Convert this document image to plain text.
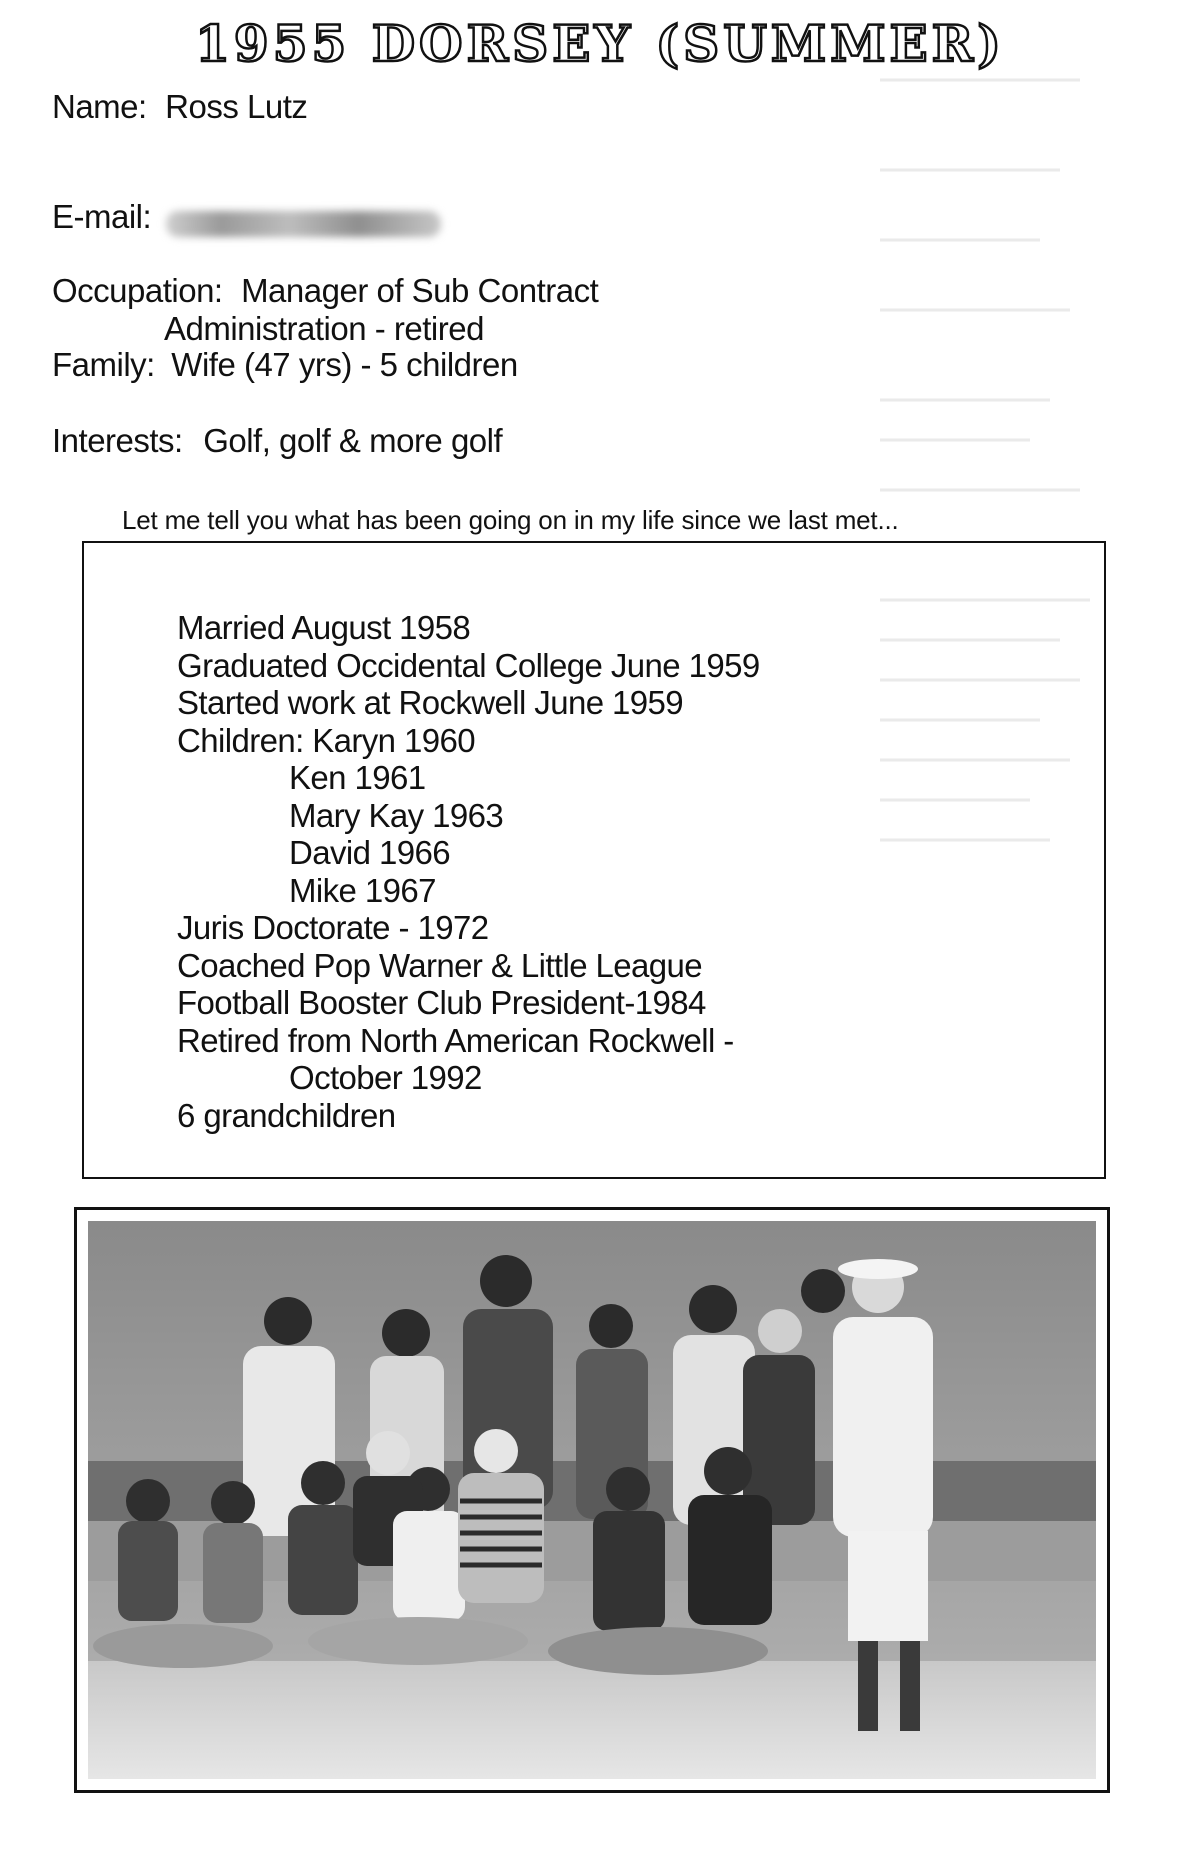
1955 DORSEY (SUMMER)
Name: Ross Lutz
E-mail:
Occupation: Manager of Sub Contract
Administration - retired
Family: Wife (47 yrs) - 5 children
Interests: Golf, golf & more golf
Let me tell you what has been going on in my life since we last met...
Married August 1958
Graduated Occidental College June 1959
Started work at Rockwell June 1959
Children: Karyn 1960
Ken 1961
Mary Kay 1963
David 1966
Mike 1967
Juris Doctorate - 1972
Coached Pop Warner & Little League
Football Booster Club President-1984
Retired from North American Rockwell -
October 1992
6 grandchildren
